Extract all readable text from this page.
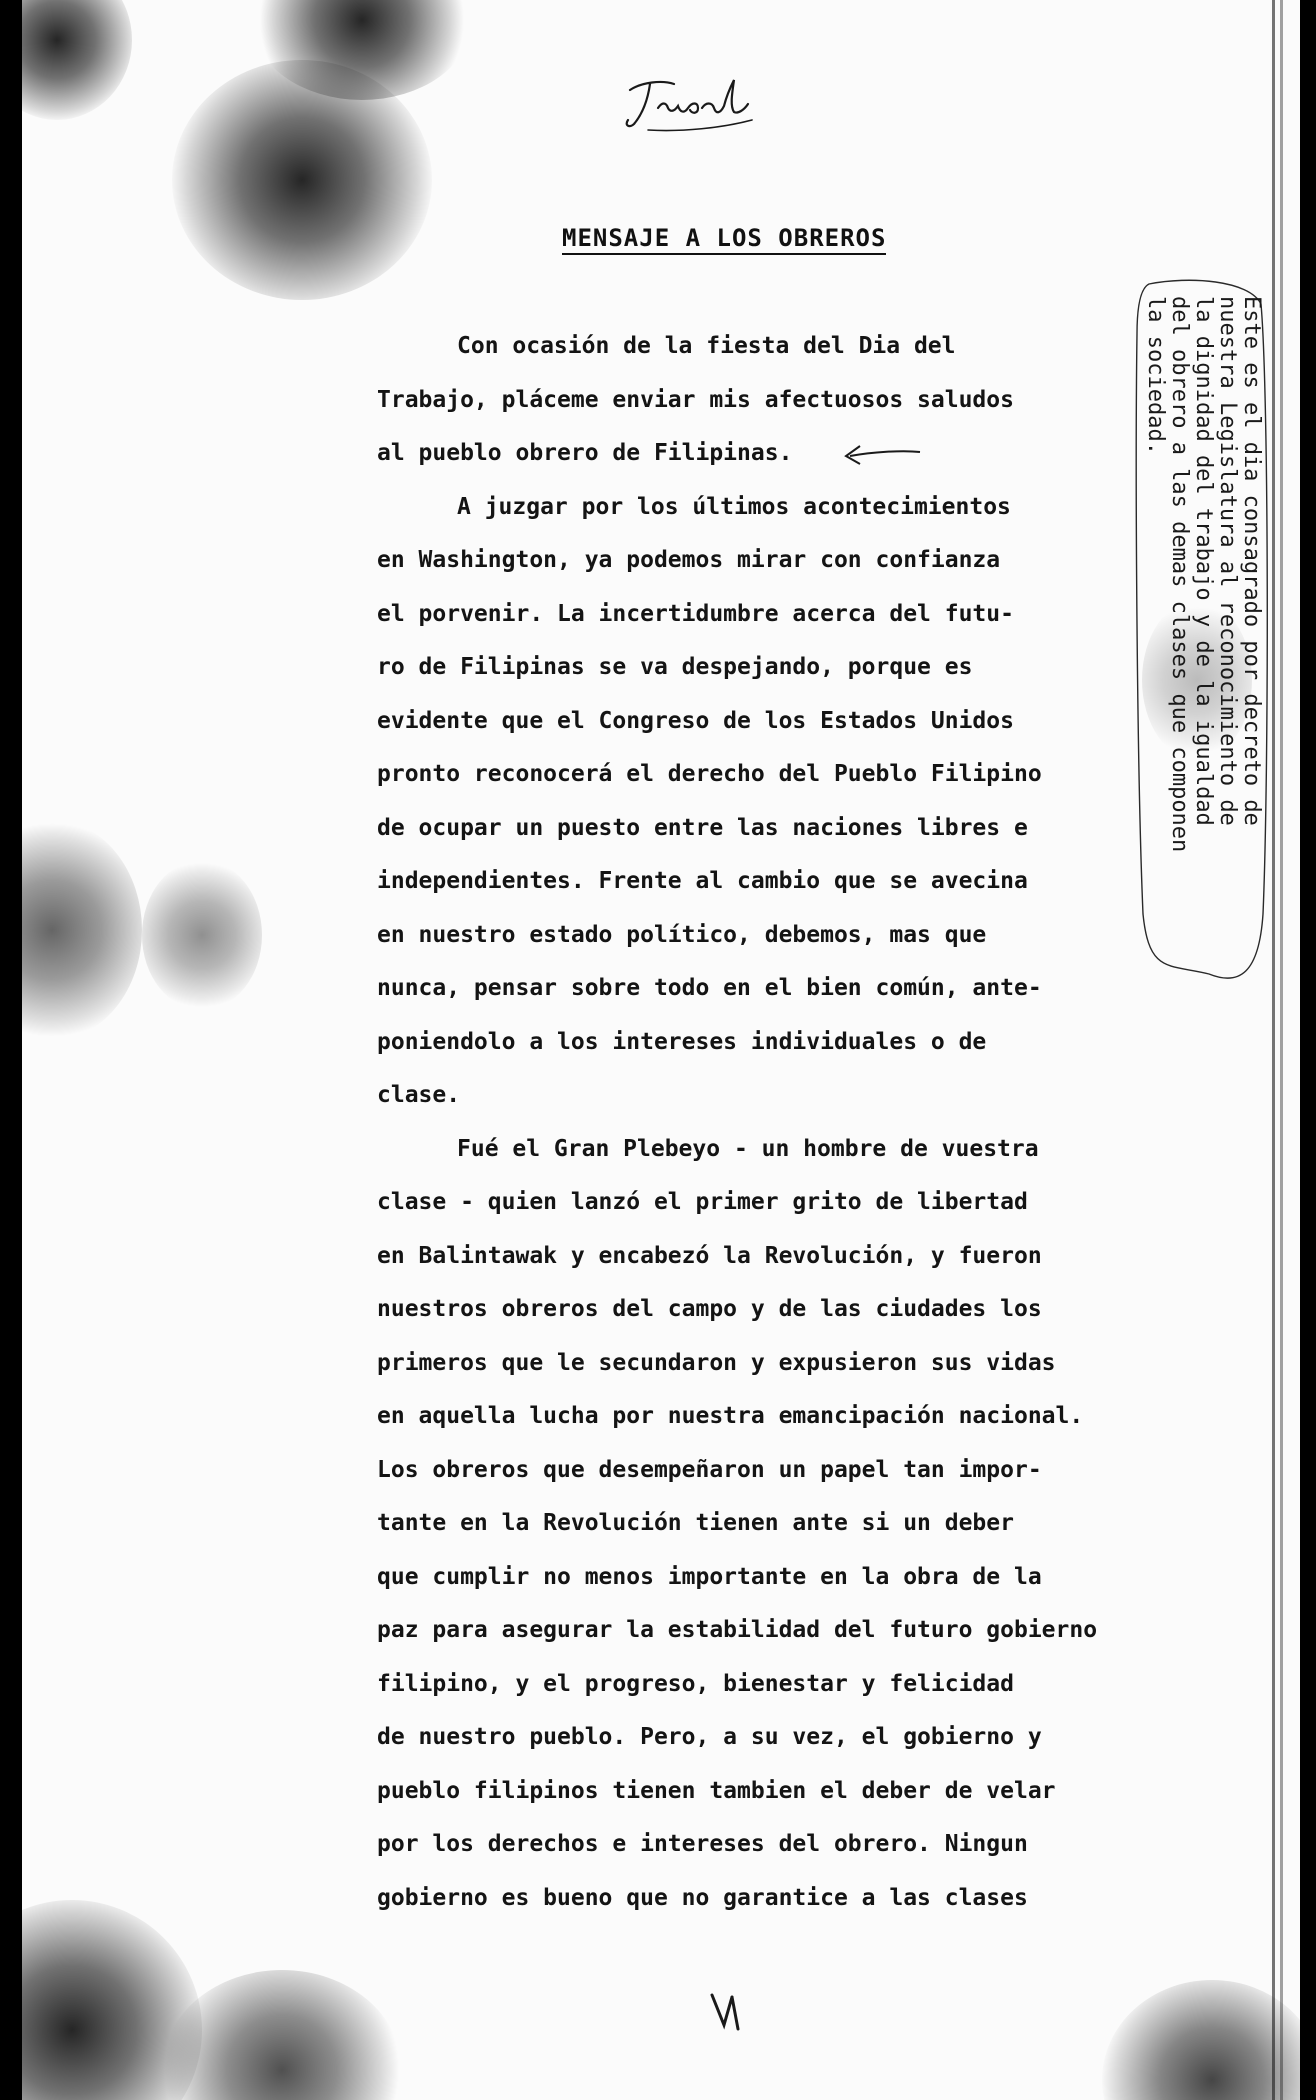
MENSAJE A LOS OBREROS
Con ocasión de la fiesta del Dia del
Trabajo, pláceme enviar mis afectuosos saludos
al pueblo obrero de Filipinas.
A juzgar por los últimos acontecimientos
en Washington, ya podemos mirar con confianza
el porvenir. La incertidumbre acerca del futu-
ro de Filipinas se va despejando, porque es
evidente que el Congreso de los Estados Unidos
pronto reconocerá el derecho del Pueblo Filipino
de ocupar un puesto entre las naciones libres e
independientes. Frente al cambio que se avecina
en nuestro estado político, debemos, mas que
nunca, pensar sobre todo en el bien común, ante-
poniendolo a los intereses individuales o de
clase.
Fué el Gran Plebeyo - un hombre de vuestra
clase - quien lanzó el primer grito de libertad
en Balintawak y encabezó la Revolución, y fueron
nuestros obreros del campo y de las ciudades los
primeros que le secundaron y expusieron sus vidas
en aquella lucha por nuestra emancipación nacional.
Los obreros que desempeñaron un papel tan impor-
tante en la Revolución tienen ante si un deber
que cumplir no menos importante en la obra de la
paz para asegurar la estabilidad del futuro gobierno
filipino, y el progreso, bienestar y felicidad
de nuestro pueblo. Pero, a su vez, el gobierno y
pueblo filipinos tienen tambien el deber de velar
por los derechos e intereses del obrero. Ningun
gobierno es bueno que no garantice a las clases
Este es el dia consagrado por decreto de
nuestra Legislatura al reconocimiento de
la dignidad del trabajo y de la igualdad
del obrero a las demas clases que componen
la sociedad.
